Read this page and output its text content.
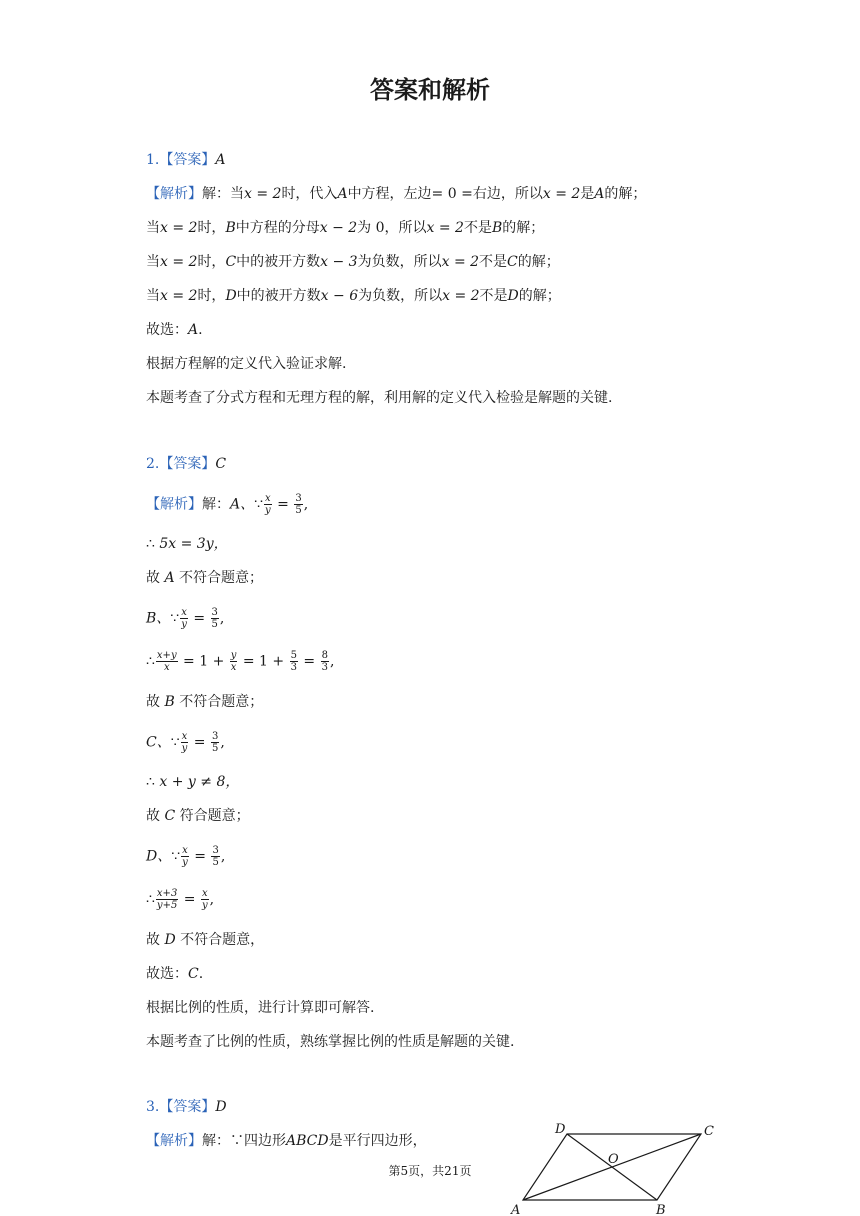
答案和解析
1.【答案】A
【解析】解：当x = 2时，代入A中方程，左边= 0 =右边，所以x = 2是A的解；
当x = 2时，B中方程的分母x − 2为 0，所以x = 2不是B的解；
当x = 2时，C中的被开方数x − 3为负数，所以x = 2不是C的解；
当x = 2时，D中的被开方数x − 6为负数，所以x = 2不是D的解；
故选：A.
根据方程解的定义代入验证求解.
本题考查了分式方程和无理方程的解，利用解的定义代入检验是解题的关键.
2.【答案】C
【解析】解：A、∵ $\frac{x}{y} = \frac{3}{5}$ ,
∴ 5x = 3y，
故 A 不符合题意；
B、∵ $\frac{x}{y} = \frac{3}{5}$ ,
∴ $\frac{x+y}{x} = 1 + \frac{y}{x} = 1 + \frac{5}{3} = \frac{8}{3}$ ,
故 B 不符合题意；
C、∵ $\frac{x}{y} = \frac{3}{5}$ ,
∴ x + y ≠ 8，
故 C 符合题意；
D、∵ $\frac{x}{y} = \frac{3}{5}$ ,
∴ $\frac{x+3}{y+5} = \frac{x}{y}$ ,
故 D 不符合题意，
故选：C.
根据比例的性质，进行计算即可解答.
本题考查了比例的性质，熟练掌握比例的性质是解题的关键.
3.【答案】D
【解析】解：∵四边形ABCD是平行四边形，
D	C
O
A	B
第5页，共21页
